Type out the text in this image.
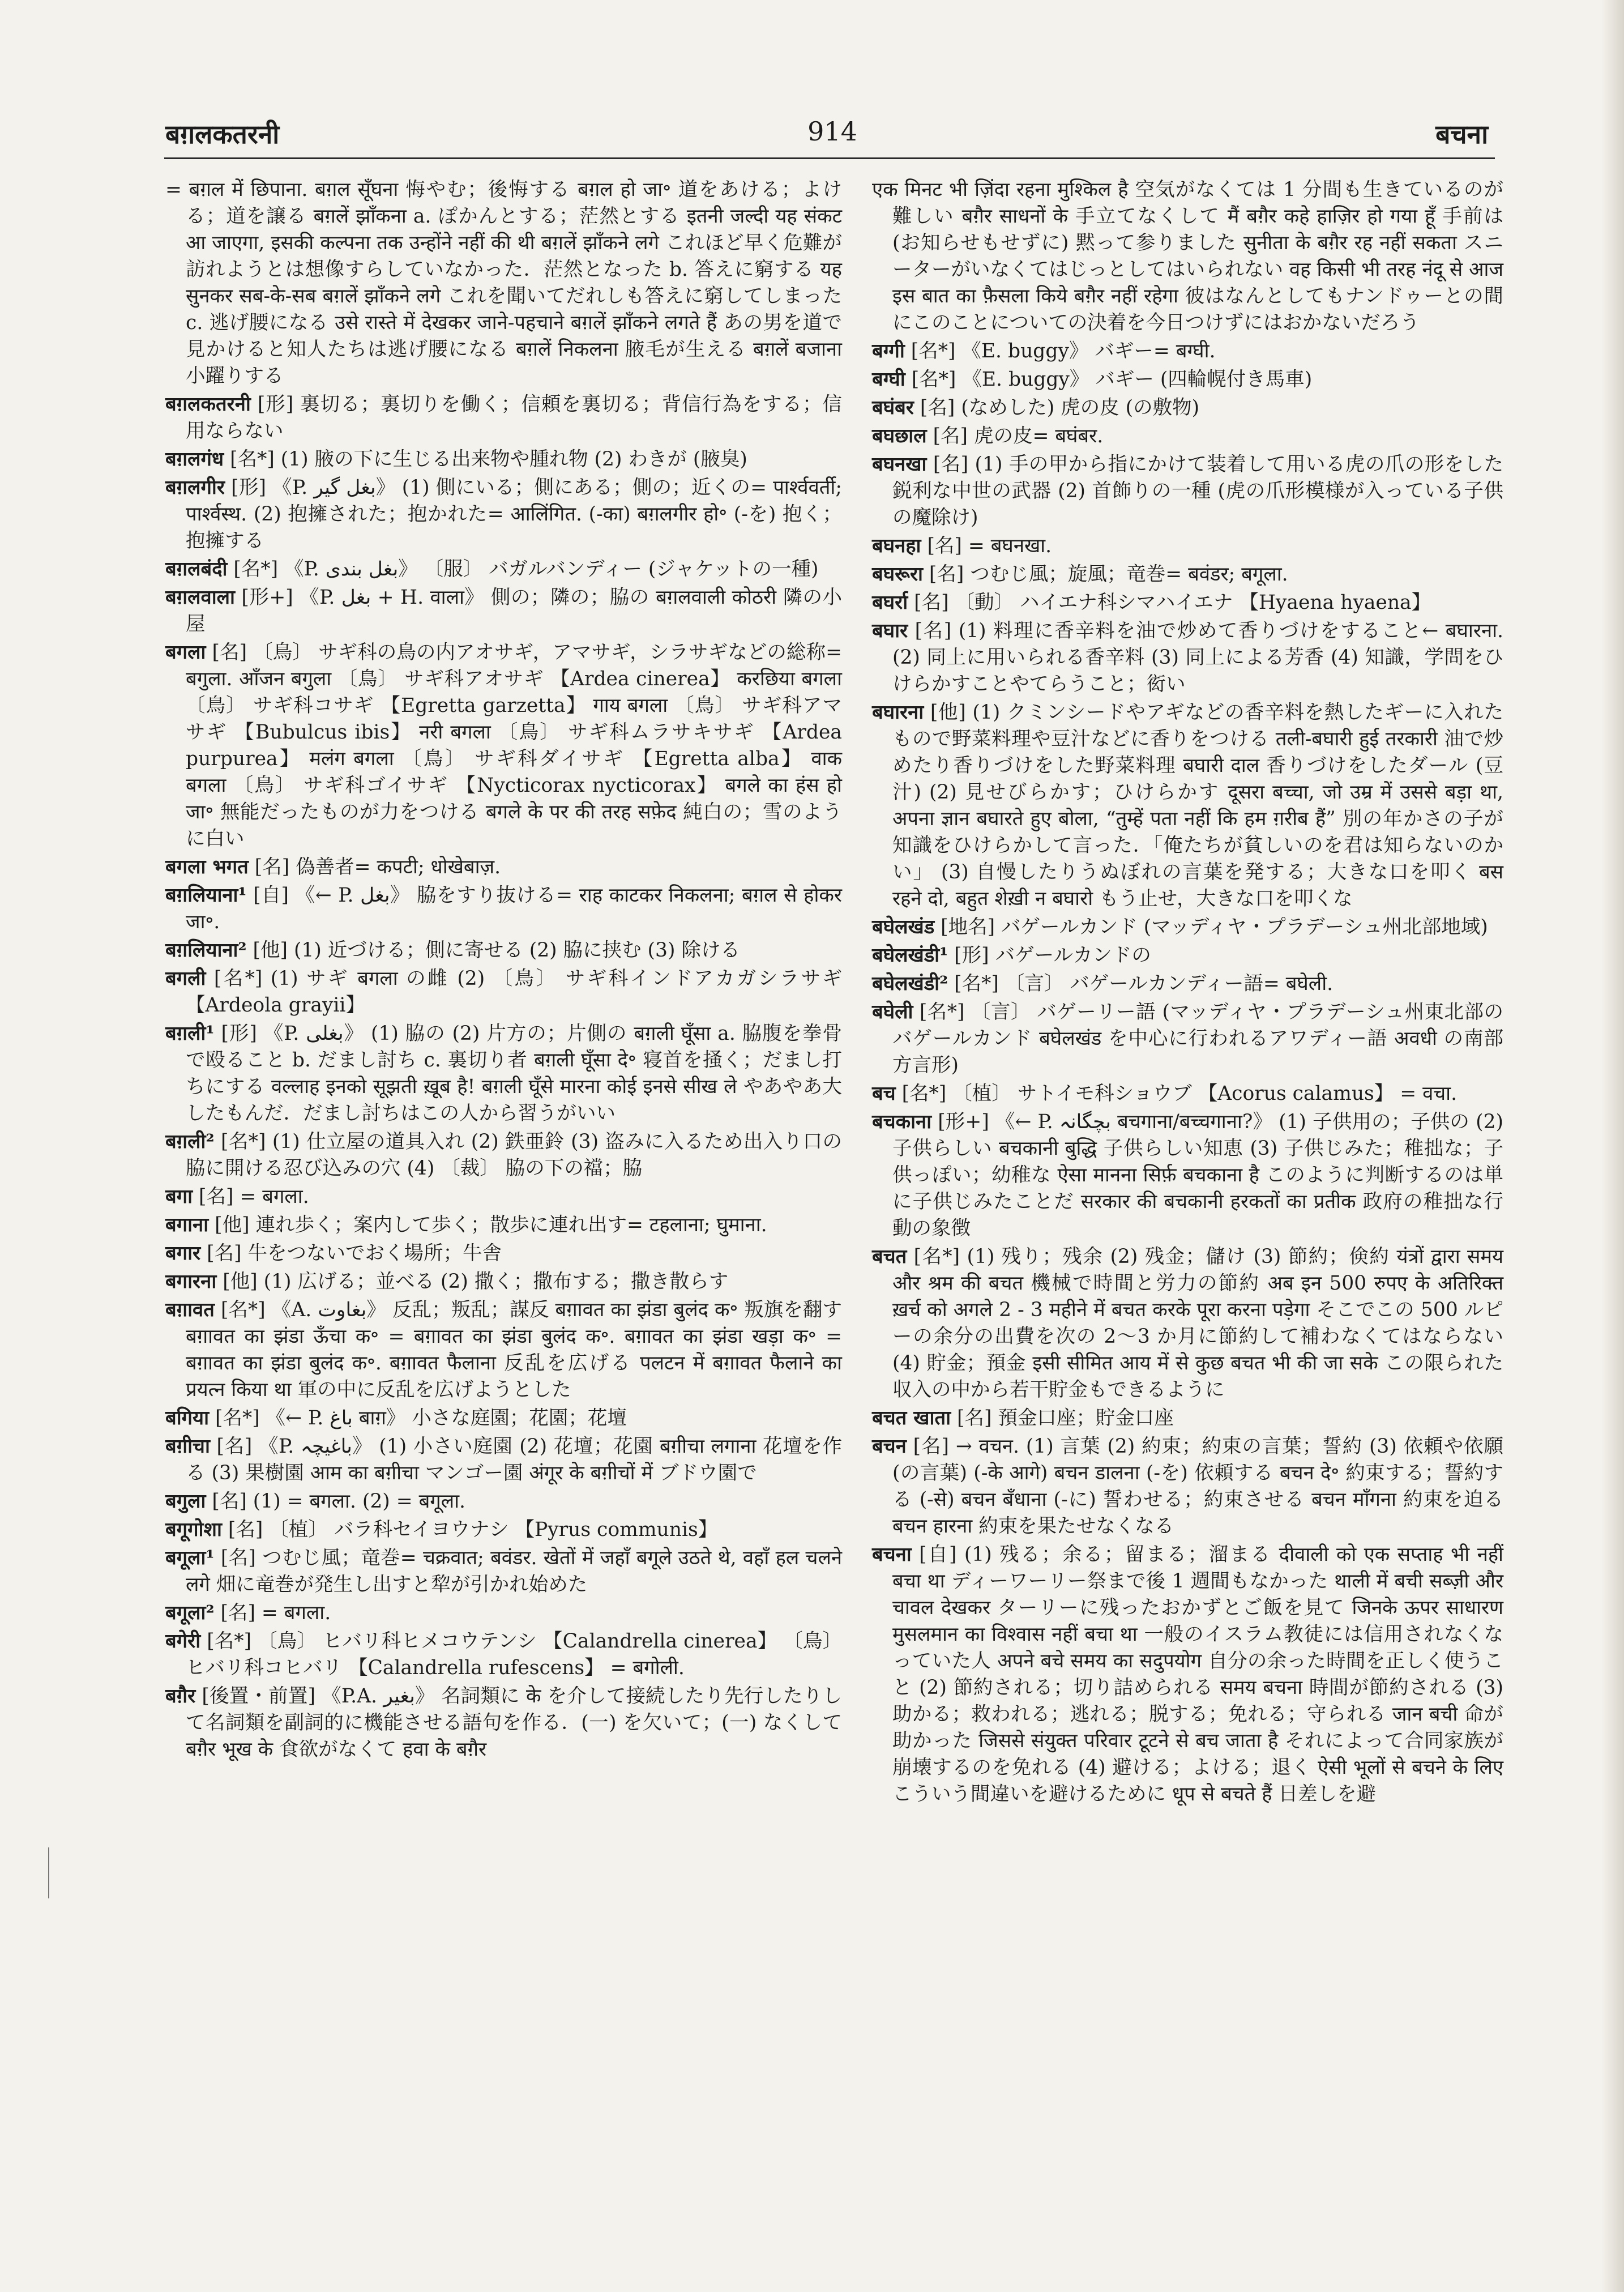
बग़लकतरनी	914	बचना

= बग़ल में छिपाना. बग़ल सूँघना 悔やむ；後悔する बग़ल हो जा॰ 道をあける；よける；道を譲る बग़लें झाँकना a. ぽかんとする；茫然とする इतनी जल्दी यह संकट आ जाएगा, इसकी कल्पना तक उन्होंने नहीं की थी बग़लें झाँकने लगे これほど早く危難が訪れようとは想像すらしていなかった．茫然となった b. 答えに窮する यह सुनकर सब-के-सब बग़लें झाँकने लगे これを聞いてだれしも答えに窮してしまった c. 逃げ腰になる उसे रास्ते में देखकर जाने-पहचाने बग़लें झाँकने लगते हैं あの男を道で見かけると知人たちは逃げ腰になる बग़लें निकलना 腋毛が生える बग़लें बजाना 小躍りする

बग़लकतरनी [形] 裏切る；裏切りを働く；信頼を裏切る；背信行為をする；信用ならない

बग़लगंध [名*] (1) 腋の下に生じる出来物や腫れ物 (2) わきが (腋臭)

बग़लगीर [形] 《P. بغل گیر》 (1) 側にいる；側にある；側の；近くの= पार्श्ववर्ती; पार्श्वस्थ. (2) 抱擁された；抱かれた= आलिंगित. (-का) बग़लगीर हो॰ (-を) 抱く；抱擁する

बग़लबंदी [名*] 《P. بغل بندی》 〔服〕 バガルバンディー (ジャケットの一種)

बग़लवाला [形+] 《P. بغل + H. वाला》 側の；隣の；脇の बग़लवाली कोठरी 隣の小屋

बगला [名] 〔鳥〕 サギ科の鳥の内アオサギ，アマサギ，シラサギなどの総称= बगुला. आँजन बगुला 〔鳥〕 サギ科アオサギ 【Ardea cinerea】 करछिया बगला 〔鳥〕 サギ科コサギ 【Egretta garzetta】 गाय बगला 〔鳥〕 サギ科アマサギ 【Bubulcus ibis】 नरी बगला 〔鳥〕 サギ科ムラサキサギ 【Ardea purpurea】 मलंग बगला 〔鳥〕 サギ科ダイサギ 【Egretta alba】 वाक बगला 〔鳥〕 サギ科ゴイサギ 【Nycticorax nycticorax】 बगले का हंस हो जा॰ 無能だったものが力をつける बगले के पर की तरह सफ़ेद 純白の；雪のように白い

बगला भगत [名] 偽善者= कपटी; धोखेबाज़.

बग़लियाना¹ [自] 《← P. بغل》 脇をすり抜ける= राह काटकर निकलना; बग़ल से होकर जा॰.

बग़लियाना² [他] (1) 近づける；側に寄せる (2) 脇に挟む (3) 除ける

बगली [名*] (1) サギ बगला の雌 (2) 〔鳥〕 サギ科インドアカガシラサギ 【Ardeola grayii】

बग़ली¹ [形] 《P. بغلی》 (1) 脇の (2) 片方の；片側の बग़ली घूँसा a. 脇腹を拳骨で殴ること b. だまし討ち c. 裏切り者 बग़ली घूँसा दे॰ 寝首を掻く；だまし打ちにする वल्लाह इनको सूझती ख़ूब है! बग़ली घूँसे मारना कोई इनसे सीख ले やあやあ大したもんだ．だまし討ちはこの人から習うがいい

बग़ली² [名*] (1) 仕立屋の道具入れ (2) 鉄亜鈴 (3) 盗みに入るため出入り口の脇に開ける忍び込みの穴 (4) 〔裁〕 脇の下の襠；脇

बगा [名] = बगला.

बगाना [他] 連れ歩く；案内して歩く；散歩に連れ出す= टहलाना; घुमाना.

बगार [名] 牛をつないでおく場所；牛舎

बगारना [他] (1) 広げる；並べる (2) 撒く；撒布する；撒き散らす

बग़ावत [名*] 《A. بغاوت》 反乱；叛乱；謀反 बग़ावत का झंडा बुलंद क॰ 叛旗を翻す बग़ावत का झंडा ऊँचा क॰ = बग़ावत का झंडा बुलंद क॰. बग़ावत का झंडा खड़ा क॰ = बग़ावत का झंडा बुलंद क॰. बग़ावत फैलाना 反乱を広げる पलटन में बग़ावत फैलाने का प्रयत्न किया था 軍の中に反乱を広げようとした

बगिया [名*] 《← P. باغ बाग़》 小さな庭園；花園；花壇

बग़ीचा [名] 《P. باغیچہ》 (1) 小さい庭園 (2) 花壇；花園 बग़ीचा लगाना 花壇を作る (3) 果樹園 आम का बग़ीचा マンゴー園 अंगूर के बग़ीचों में ブドウ園で

बगुला [名] (1) = बगला. (2) = बगूला.

बगूगोशा [名] 〔植〕 バラ科セイヨウナシ 【Pyrus communis】

बगूला¹ [名] つむじ風；竜巻= चक्रवात; बवंडर. खेतों में जहाँ बगूले उठते थे, वहाँ हल चलने लगे 畑に竜巻が発生し出すと犂が引かれ始めた

बगूला² [名] = बगला.

बगेरी [名*] 〔鳥〕 ヒバリ科ヒメコウテンシ 【Calandrella cinerea】 〔鳥〕 ヒバリ科コヒバリ 【Calandrella rufescens】 = बगोली.

बग़ैर [後置・前置] 《P.A. بغیر》 名詞類に के を介して接続したり先行したりして名詞類を副詞的に機能させる語句を作る．(一) を欠いて；(一) なくして बग़ैर भूख के 食欲がなくて हवा के बग़ैर

एक मिनट भी ज़िंदा रहना मुश्किल है 空気がなくては 1 分間も生きているのが難しい बग़ैर साधनों के 手立てなくして मैं बग़ैर कहे हाज़िर हो गया हूँ 手前は (お知らせもせずに) 黙って参りました सुनीता के बग़ैर रह नहीं सकता スニーターがいなくてはじっとしてはいられない वह किसी भी तरह नंदू से आज इस बात का फ़ैसला किये बग़ैर नहीं रहेगा 彼はなんとしてもナンドゥーとの間にこのことについての決着を今日つけずにはおかないだろう

बग्गी [名*] 《E. buggy》 バギー= बग्घी.

बग्घी [名*] 《E. buggy》 バギー (四輪幌付き馬車)

बघंबर [名] (なめした) 虎の皮 (の敷物)

बघछाल [名] 虎の皮= बघंबर.

बघनखा [名] (1) 手の甲から指にかけて装着して用いる虎の爪の形をした鋭利な中世の武器 (2) 首飾りの一種 (虎の爪形模様が入っている子供の魔除け)

बघनहा [名] = बघनखा.

बघरूरा [名] つむじ風；旋風；竜巻= बवंडर; बगूला.

बघर्रा [名] 〔動〕 ハイエナ科シマハイエナ 【Hyaena hyaena】

बघार [名] (1) 料理に香辛料を油で炒めて香りづけをすること← बघारना. (2) 同上に用いられる香辛料 (3) 同上による芳香 (4) 知識，学問をひけらかすことやてらうこと；衒い

बघारना [他] (1) クミンシードやアギなどの香辛料を熱したギーに入れたもので野菜料理や豆汁などに香りをつける तली-बघारी हुई तरकारी 油で炒めたり香りづけをした野菜料理 बघारी दाल 香りづけをしたダール (豆汁) (2) 見せびらかす；ひけらかす दूसरा बच्चा, जो उम्र में उससे बड़ा था, अपना ज्ञान बघारते हुए बोला, “तुम्हें पता नहीं कि हम ग़रीब हैं” 別の年かさの子が知識をひけらかして言った．「俺たちが貧しいのを君は知らないのかい」 (3) 自慢したりうぬぼれの言葉を発する；大きな口を叩く बस रहने दो, बहुत शेख़ी न बघारो もう止せ，大きな口を叩くな

बघेलखंड [地名] バゲールカンド (マッディヤ・プラデーシュ州北部地域)

बघेलखंडी¹ [形] バゲールカンドの

बघेलखंडी² [名*] 〔言〕 バゲールカンディー語= बघेली.

बघेली [名*] 〔言〕 バゲーリー語 (マッディヤ・プラデーシュ州東北部のバゲールカンド बघेलखंड を中心に行われるアワディー語 अवधी の南部方言形)

बच [名*] 〔植〕 サトイモ科ショウブ 【Acorus calamus】 = वचा.

बचकाना [形+] 《← P. بچگانہ बचगाना/बच्चगाना?》 (1) 子供用の；子供の (2) 子供らしい बचकानी बुद्धि 子供らしい知恵 (3) 子供じみた；稚拙な；子供っぽい；幼稚な ऐसा मानना सिर्फ़ बचकाना है このように判断するのは単に子供じみたことだ सरकार की बचकानी हरकतों का प्रतीक 政府の稚拙な行動の象徴

बचत [名*] (1) 残り；残余 (2) 残金；儲け (3) 節約；倹約 यंत्रों द्वारा समय और श्रम की बचत 機械で時間と労力の節約 अब इन 500 रुपए के अतिरिक्त ख़र्च को अगले 2 - 3 महीने में बचत करके पूरा करना पड़ेगा そこでこの 500 ルピーの余分の出費を次の 2〜3 か月に節約して補わなくてはならない (4) 貯金；預金 इसी सीमित आय में से कुछ बचत भी की जा सके この限られた収入の中から若干貯金もできるように

बचत खाता [名] 預金口座；貯金口座

बचन [名] → वचन. (1) 言葉 (2) 約束；約束の言葉；誓約 (3) 依頼や依願 (の言葉) (-के आगे) बचन डालना (-を) 依頼する बचन दे॰ 約束する；誓約する (-से) बचन बँधाना (-に) 誓わせる；約束させる बचन माँगना 約束を迫る बचन हारना 約束を果たせなくなる

बचना [自] (1) 残る；余る；留まる；溜まる दीवाली को एक सप्ताह भी नहीं बचा था ディーワーリー祭まで後 1 週間もなかった थाली में बची सब्ज़ी और चावल देखकर ターリーに残ったおかずとご飯を見て जिनके ऊपर साधारण मुसलमान का विश्वास नहीं बचा था 一般のイスラム教徒には信用されなくなっていた人 अपने बचे समय का सदुपयोग 自分の余った時間を正しく使うこと (2) 節約される；切り詰められる समय बचना 時間が節約される (3) 助かる；救われる；逃れる；脱する；免れる；守られる जान बची 命が助かった जिससे संयुक्त परिवार टूटने से बच जाता है それによって合同家族が崩壊するのを免れる (4) 避ける；よける；退く ऐसी भूलों से बचने के लिए こういう間違いを避けるために धूप से बचते हैं 日差しを避
